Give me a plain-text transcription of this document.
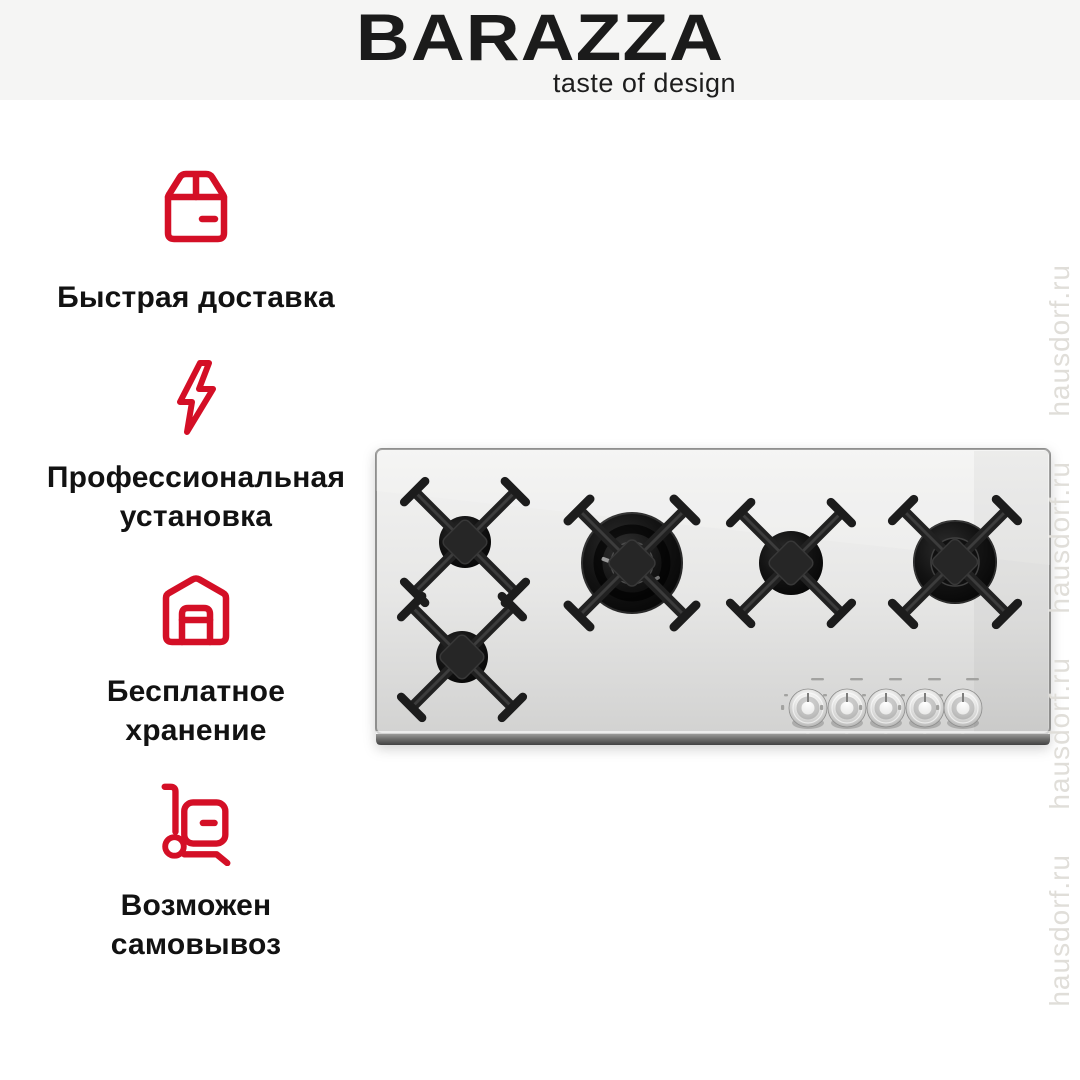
BARAZZA
taste of design
Быстрая доставка
Профессиональная
установка
Бесплатное
хранение
Возможен
самовывоз
hausdorf.ru
hausdorf.ru
hausdorf.ru
hausdorf.ru
